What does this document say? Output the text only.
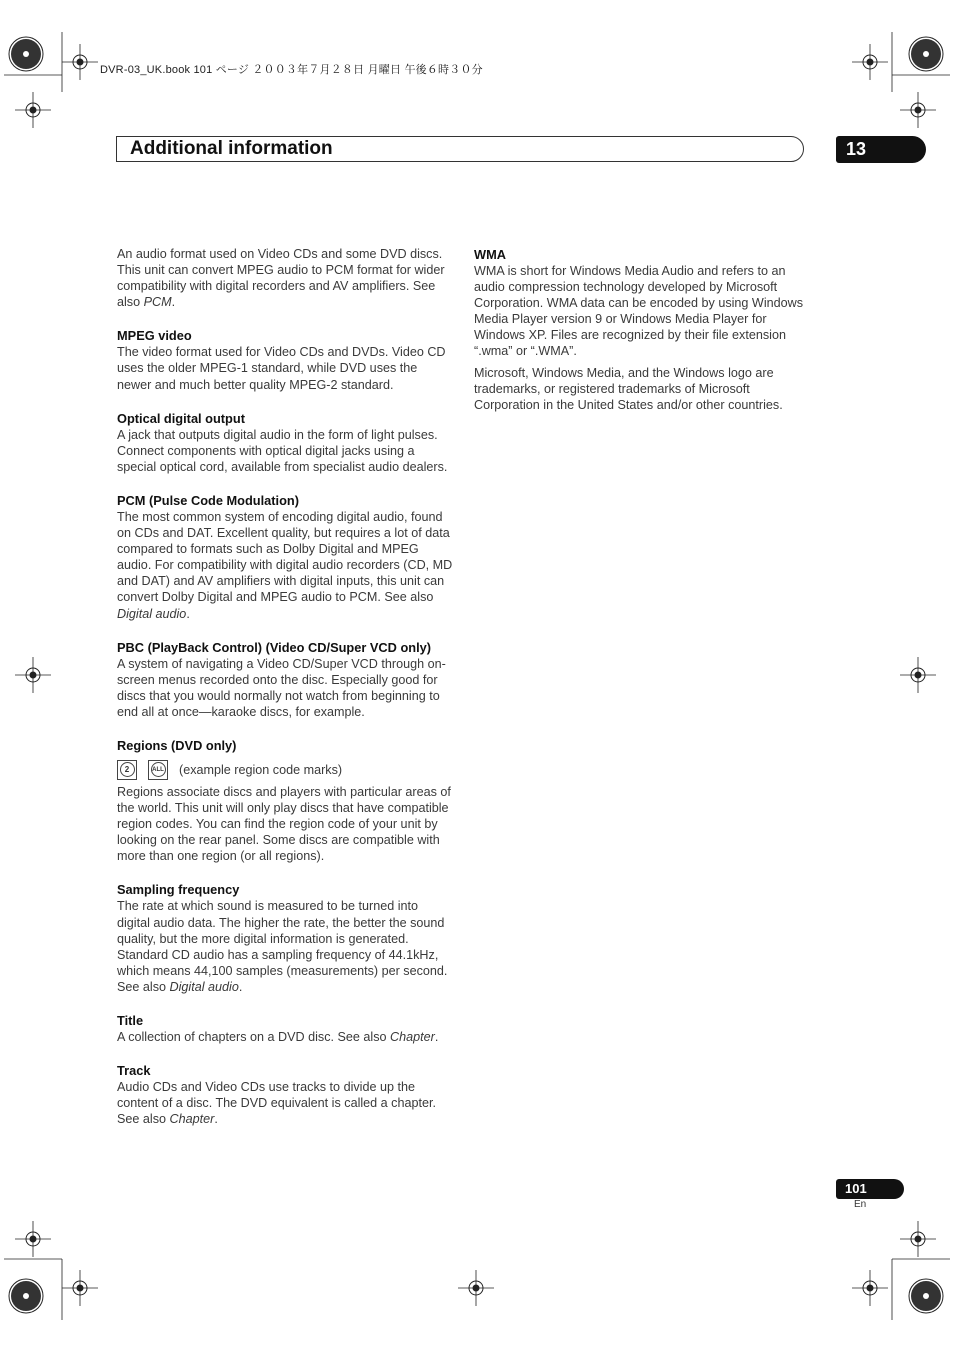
DVR-03_UK.book 101 ページ ２００３年７月２８日 月曜日 午後６時３０分
Additional information	13

An audio format used on Video CDs and some DVD discs. This unit can convert MPEG audio to PCM format for wider compatibility with digital recorders and AV amplifiers. See also PCM.

MPEG video

The video format used for Video CDs and DVDs. Video CD uses the older MPEG-1 standard, while DVD uses the newer and much better quality MPEG-2 standard.

Optical digital output

A jack that outputs digital audio in the form of light pulses. Connect components with optical digital jacks using a special optical cord, available from specialist audio dealers.

PCM (Pulse Code Modulation)

The most common system of encoding digital audio, found on CDs and DAT. Excellent quality, but requires a lot of data compared to formats such as Dolby Digital and MPEG audio. For compatibility with digital audio recorders (CD, MD and DAT) and AV amplifiers with digital inputs, this unit can convert Dolby Digital and MPEG audio to PCM. See also Digital audio.

PBC (PlayBack Control) (Video CD/Super VCD only)

A system of navigating a Video CD/Super VCD through on-screen menus recorded onto the disc. Especially good for discs that you would normally not watch from beginning to end all at once—karaoke discs, for example.

Regions (DVD only)
2	ALL (example region code marks)

Regions associate discs and players with particular areas of the world. This unit will only play discs that have compatible region codes. You can find the region code of your unit by looking on the rear panel. Some discs are compatible with more than one region (or all regions).

Sampling frequency

The rate at which sound is measured to be turned into digital audio data. The higher the rate, the better the sound quality, but the more digital information is generated. Standard CD audio has a sampling frequency of 44.1kHz, which means 44,100 samples (measurements) per second. See also Digital audio.

Title

A collection of chapters on a DVD disc. See also Chapter.

Track

Audio CDs and Video CDs use tracks to divide up the content of a disc. The DVD equivalent is called a chapter. See also Chapter.

WMA

WMA is short for Windows Media Audio and refers to an audio compression technology developed by Microsoft Corporation. WMA data can be encoded by using Windows Media Player version 9 or Windows Media Player for Windows XP. Files are recognized by their file extension “.wma” or “.WMA”.

Microsoft, Windows Media, and the Windows logo are trademarks, or registered trademarks of Microsoft Corporation in the United States and/or other countries.

101
En
